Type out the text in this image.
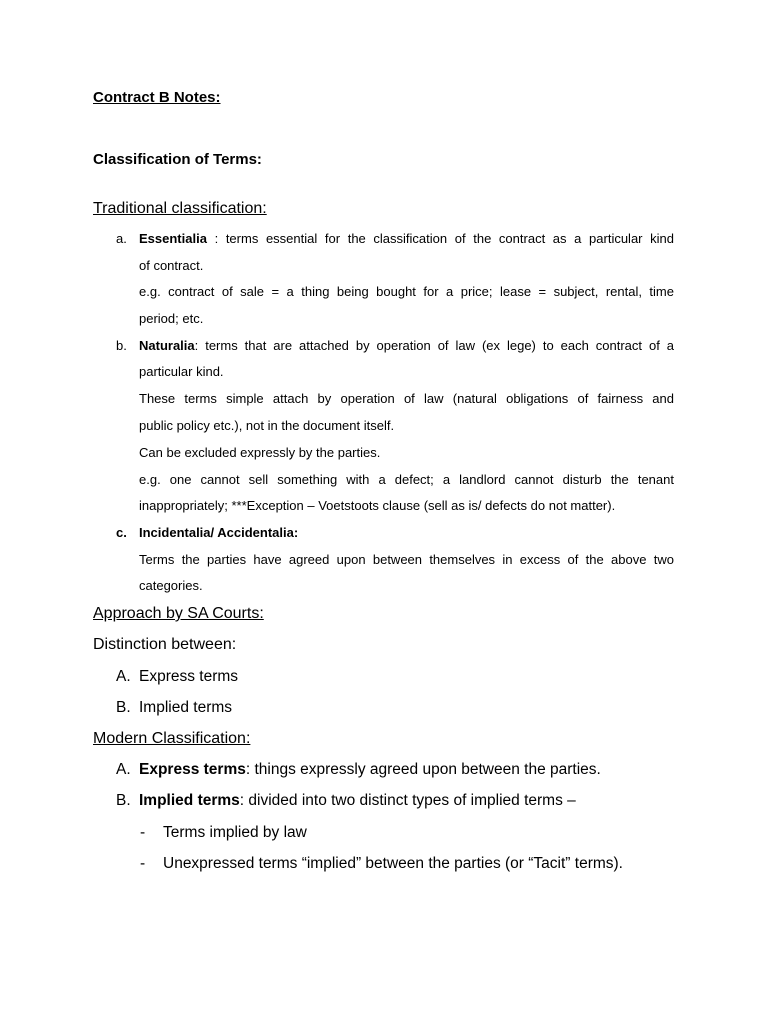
Contract B Notes:
Classification of Terms:
Traditional classification:
a. Essentialia : terms essential for the classification of the contract as a particular kind
of contract.
e.g. contract of sale = a thing being bought for a price; lease = subject, rental, time
period; etc.
b. Naturalia: terms that are attached by operation of law (ex lege) to each contract of a
particular kind.
These terms simple attach by operation of law (natural obligations of fairness and
public policy etc.), not in the document itself.
Can be excluded expressly by the parties.
e.g. one cannot sell something with a defect; a landlord cannot disturb the tenant
inappropriately; ***Exception – Voetstoots clause (sell as is/ defects do not matter).
c. Incidentalia/ Accidentalia:
Terms the parties have agreed upon between themselves in excess of the above two
categories.
Approach by SA Courts:
Distinction between:
A. Express terms
B. Implied terms
Modern Classification:
A. Express terms: things expressly agreed upon between the parties.
B. Implied terms: divided into two distinct types of implied terms –
- Terms implied by law
- Unexpressed terms “implied” between the parties (or “Tacit” terms).
